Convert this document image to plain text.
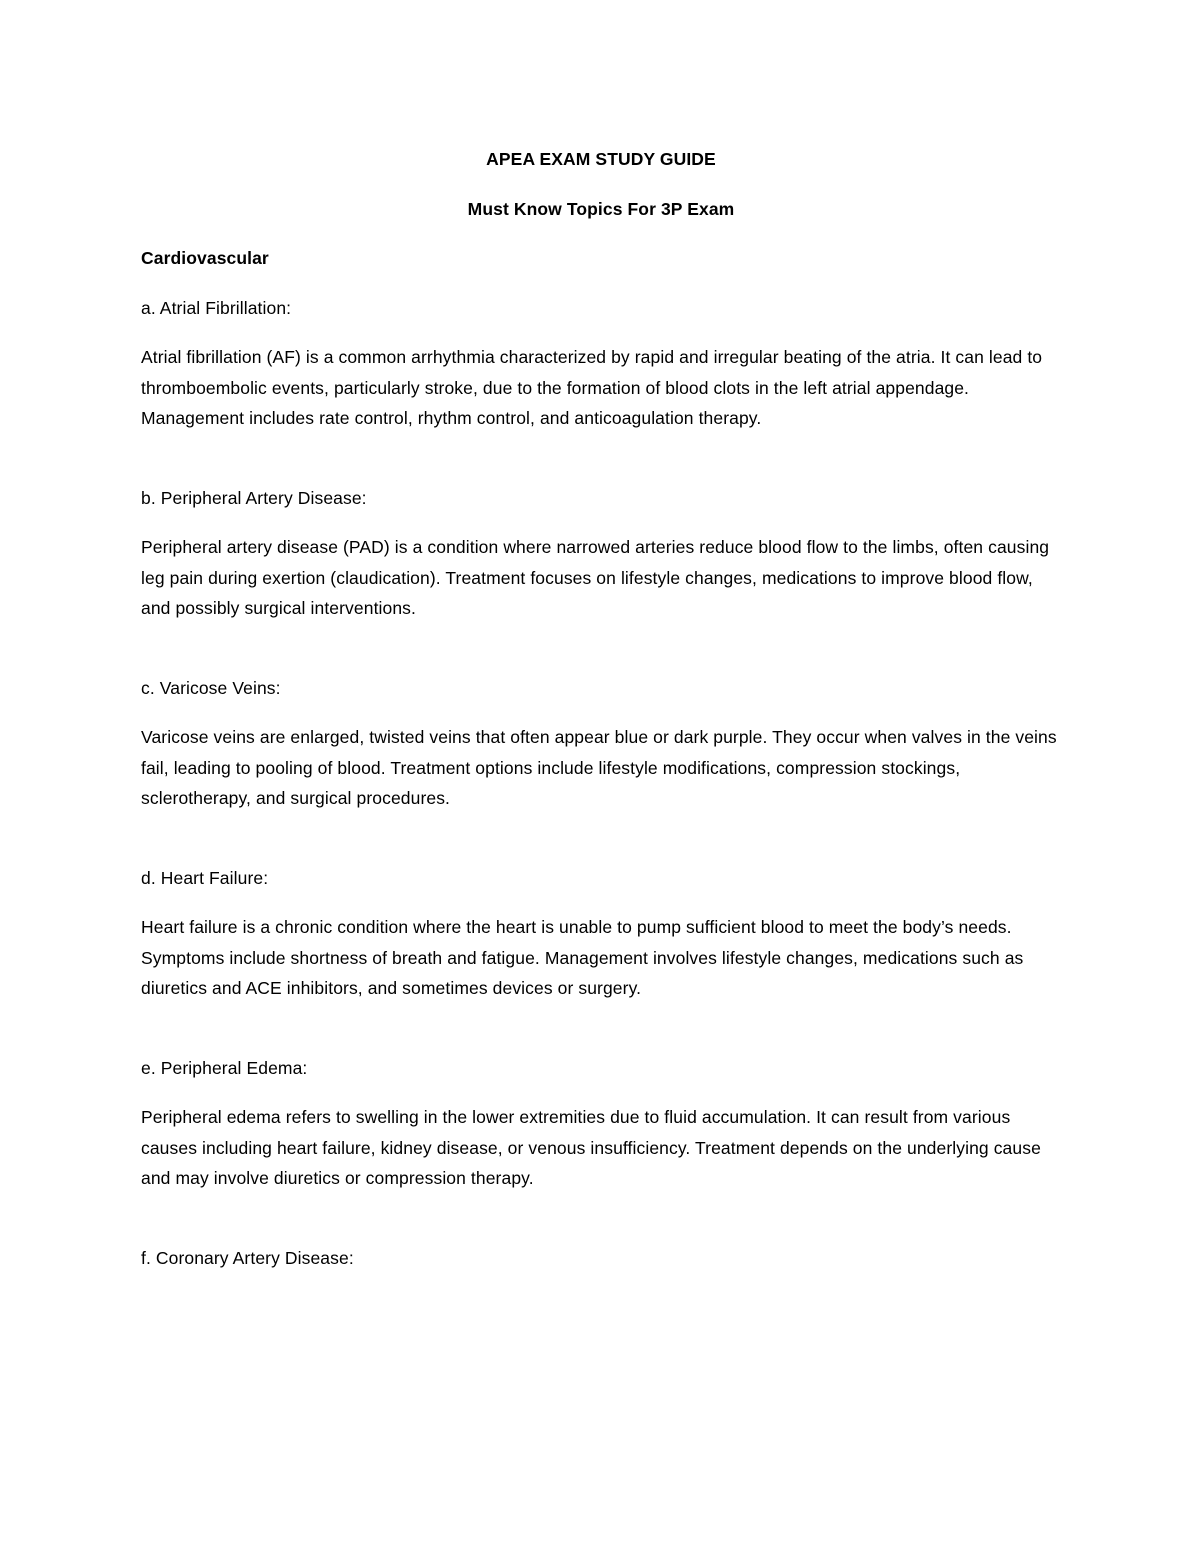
APEA EXAM STUDY GUIDE

Must Know Topics For 3P Exam

Cardiovascular

a. Atrial Fibrillation:

Atrial fibrillation (AF) is a common arrhythmia characterized by rapid and irregular beating of the atria. It can lead to thromboembolic events, particularly stroke, due to the formation of blood clots in the left atrial appendage. Management includes rate control, rhythm control, and anticoagulation therapy.

b. Peripheral Artery Disease:

Peripheral artery disease (PAD) is a condition where narrowed arteries reduce blood flow to the limbs, often causing leg pain during exertion (claudication). Treatment focuses on lifestyle changes, medications to improve blood flow, and possibly surgical interventions.

c. Varicose Veins:

Varicose veins are enlarged, twisted veins that often appear blue or dark purple. They occur when valves in the veins fail, leading to pooling of blood. Treatment options include lifestyle modifications, compression stockings, sclerotherapy, and surgical procedures.

d. Heart Failure:

Heart failure is a chronic condition where the heart is unable to pump sufficient blood to meet the body’s needs. Symptoms include shortness of breath and fatigue. Management involves lifestyle changes, medications such as diuretics and ACE inhibitors, and sometimes devices or surgery.

e. Peripheral Edema:

Peripheral edema refers to swelling in the lower extremities due to fluid accumulation. It can result from various causes including heart failure, kidney disease, or venous insufficiency. Treatment depends on the underlying cause and may involve diuretics or compression therapy.

f. Coronary Artery Disease:
